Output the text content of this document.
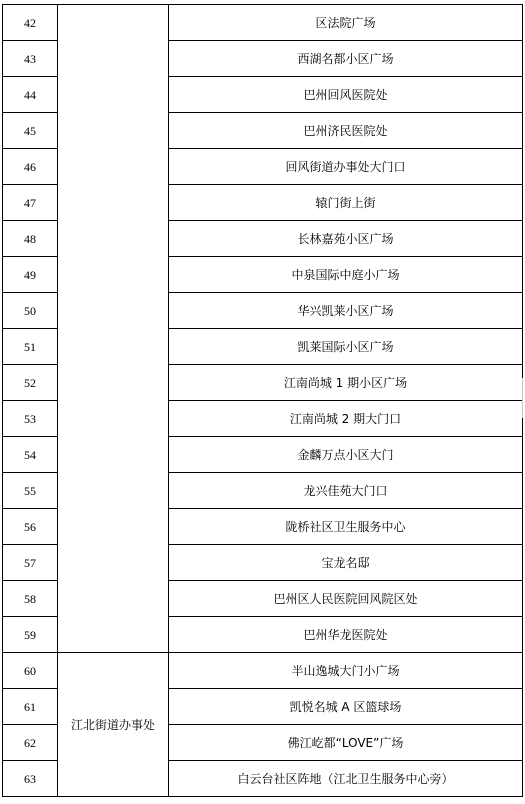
42		区法院广场
43		西湖名都小区广场
44		巴州回风医院处
45		巴州济民医院处
46		回风街道办事处大门口
47		辕门街上街
48		长林嘉苑小区广场
49		中泉国际中庭小广场
50		华兴凯莱小区广场
51		凯莱国际小区广场
52		江南尚城 1 期小区广场
53		江南尚城 2 期大门口
54		金麟万点小区大门
55		龙兴佳苑大门口
56		陇桥社区卫生服务中心
57		宝龙名邸
58		巴州区人民医院回风院区处
59		巴州华龙医院处
60	江北街道办事处	半山逸城大门小广场
61		凯悦名城 A 区篮球场
62		佛江屹都“LOVE”广场
63		白云台社区阵地（江北卫生服务中心旁）
